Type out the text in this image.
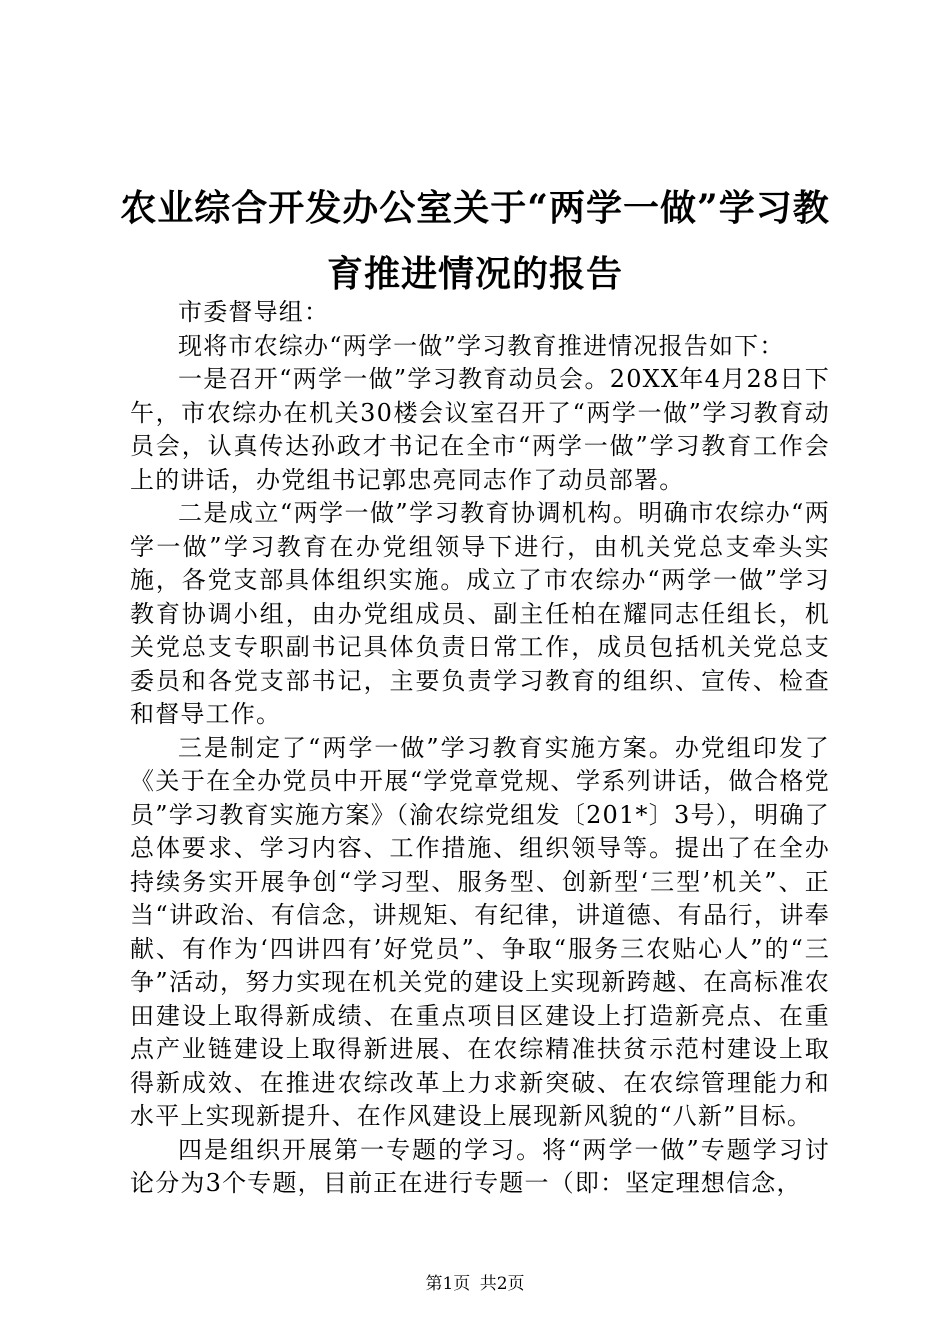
农业综合开发办公室关于“两学一做”学习教
育推进情况的报告

市委督导组：

现将市农综办“两学一做”学习教育推进情况报告如下：

一是召开“两学一做”学习教育动员会。20XX年4月28日下午，市农综办在机关30楼会议室召开了“两学一做”学习教育动员会，认真传达孙政才书记在全市“两学一做”学习教育工作会上的讲话，办党组书记郭忠亮同志作了动员部署。

二是成立“两学一做”学习教育协调机构。明确市农综办“两学一做”学习教育在办党组领导下进行，由机关党总支牵头实施，各党支部具体组织实施。成立了市农综办“两学一做”学习教育协调小组，由办党组成员、副主任柏在耀同志任组长，机关党总支专职副书记具体负责日常工作，成员包括机关党总支委员和各党支部书记，主要负责学习教育的组织、宣传、检查和督导工作。

三是制定了“两学一做”学习教育实施方案。办党组印发了《关于在全办党员中开展“学党章党规、学系列讲话，做合格党员”学习教育实施方案》（渝农综党组发〔201*〕3号），明确了总体要求、学习内容、工作措施、组织领导等。提出了在全办持续务实开展争创“学习型、服务型、创新型‘三型’机关”、正当“讲政治、有信念，讲规矩、有纪律，讲道德、有品行，讲奉献、有作为‘四讲四有’好党员”、争取“服务三农贴心人”的“三争”活动，努力实现在机关党的建设上实现新跨越、在高标准农田建设上取得新成绩、在重点项目区建设上打造新亮点、在重点产业链建设上取得新进展、在农综精准扶贫示范村建设上取得新成效、在推进农综改革上力求新突破、在农综管理能力和水平上实现新提升、在作风建设上展现新风貌的“八新”目标。

四是组织开展第一专题的学习。将“两学一做”专题学习讨论分为3个专题，目前正在进行专题一（即：坚定理想信念，

第1页 共2页
